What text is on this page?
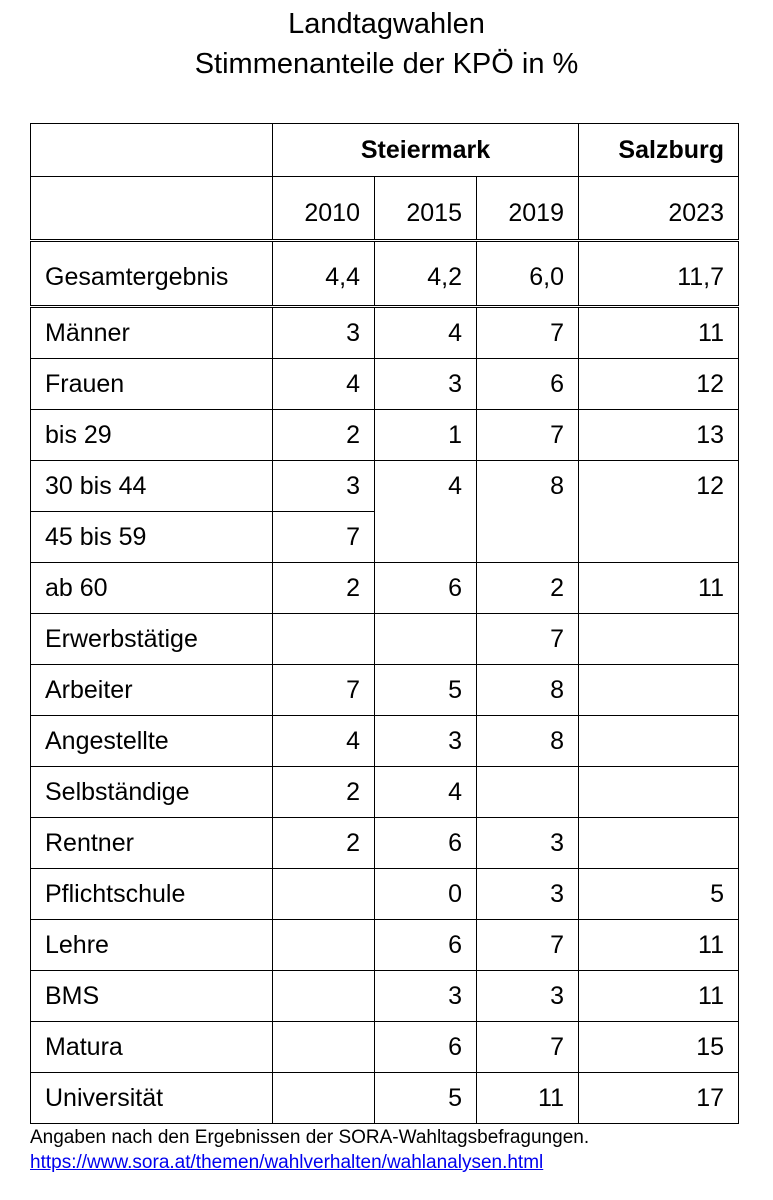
Landtagwahlen
Stimmenanteile der KPÖ in %
	Steiermark			Salzburg
	2010	2015	2019	2023
Gesamtergebnis	4,4	4,2	6,0	11,7
Männer	3	4	7	11
Frauen	4	3	6	12
bis 29	2	1	7	13
30 bis 44	3	4	8	12
45 bis 59	7			
ab 60	2	6	2	11
Erwerbstätige			7	
Arbeiter	7	5	8	
Angestellte	4	3	8	
Selbständige	2	4		
Rentner	2	6	3	
Pflichtschule		0	3	5
Lehre		6	7	11
BMS		3	3	11
Matura		6	7	15
Universität		5	11	17
Angaben nach den Ergebnissen der SORA-Wahltagsbefragungen.
https://www.sora.at/themen/wahlverhalten/wahlanalysen.html
